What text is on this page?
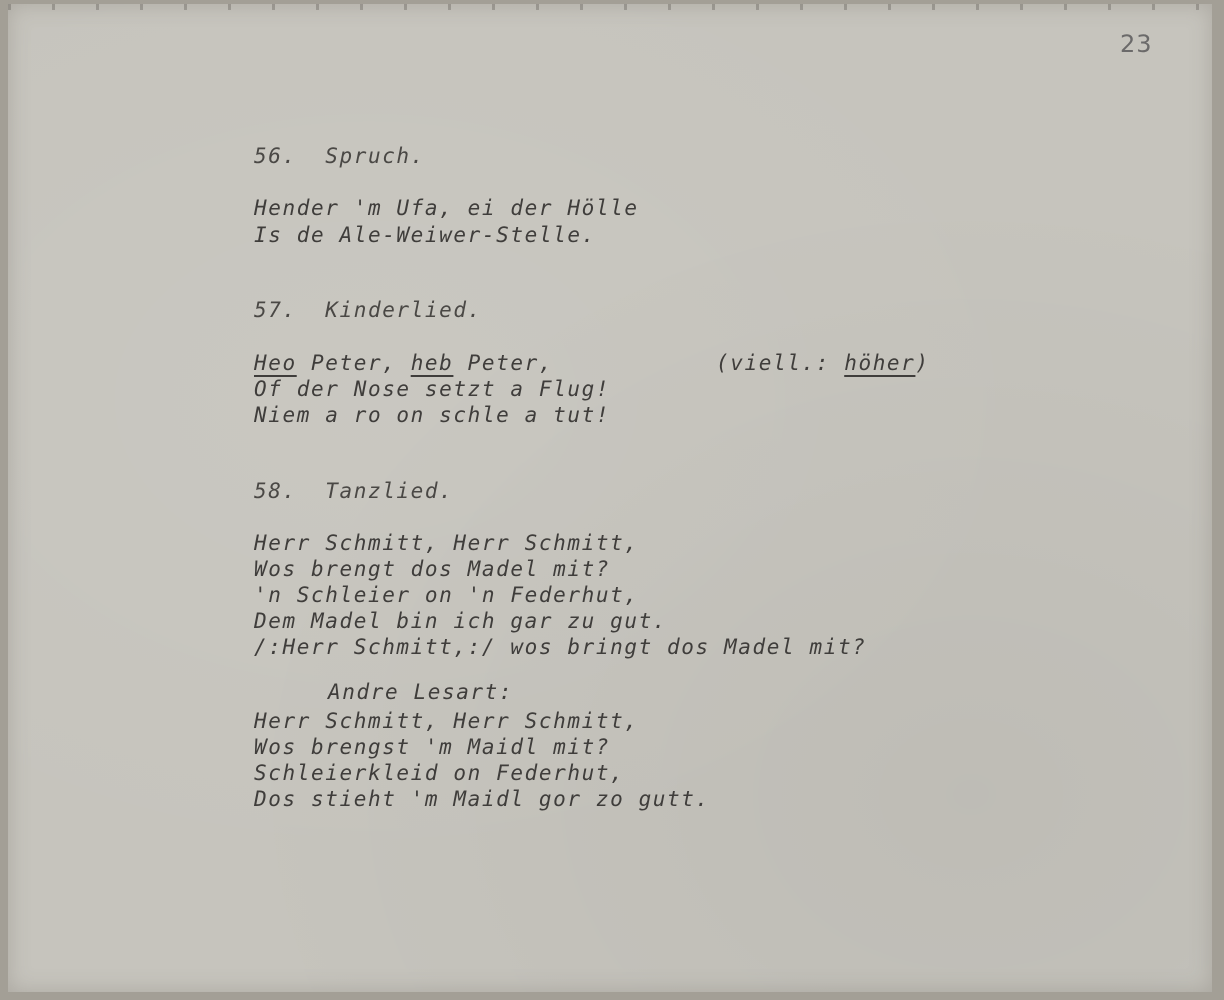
23
56.  Spruch.
Hender 'm Ufa, ei der Hölle
Is de Ale-Weiwer-Stelle.
57.  Kinderlied.
Heo Peter, heb Peter,	(viell.: höher)
Of der Nose setzt a Flug!
Niem a ro on schle a tut!
58.  Tanzlied.
Herr Schmitt, Herr Schmitt,
Wos brengt dos Madel mit?
'n Schleier on 'n Federhut,
Dem Madel bin ich gar zu gut.
/:Herr Schmitt,:/ wos bringt dos Madel mit?
Andre Lesart:
Herr Schmitt, Herr Schmitt,
Wos brengst 'm Maidl mit?
Schleierkleid on Federhut,
Dos stieht 'm Maidl gor zo gutt.
